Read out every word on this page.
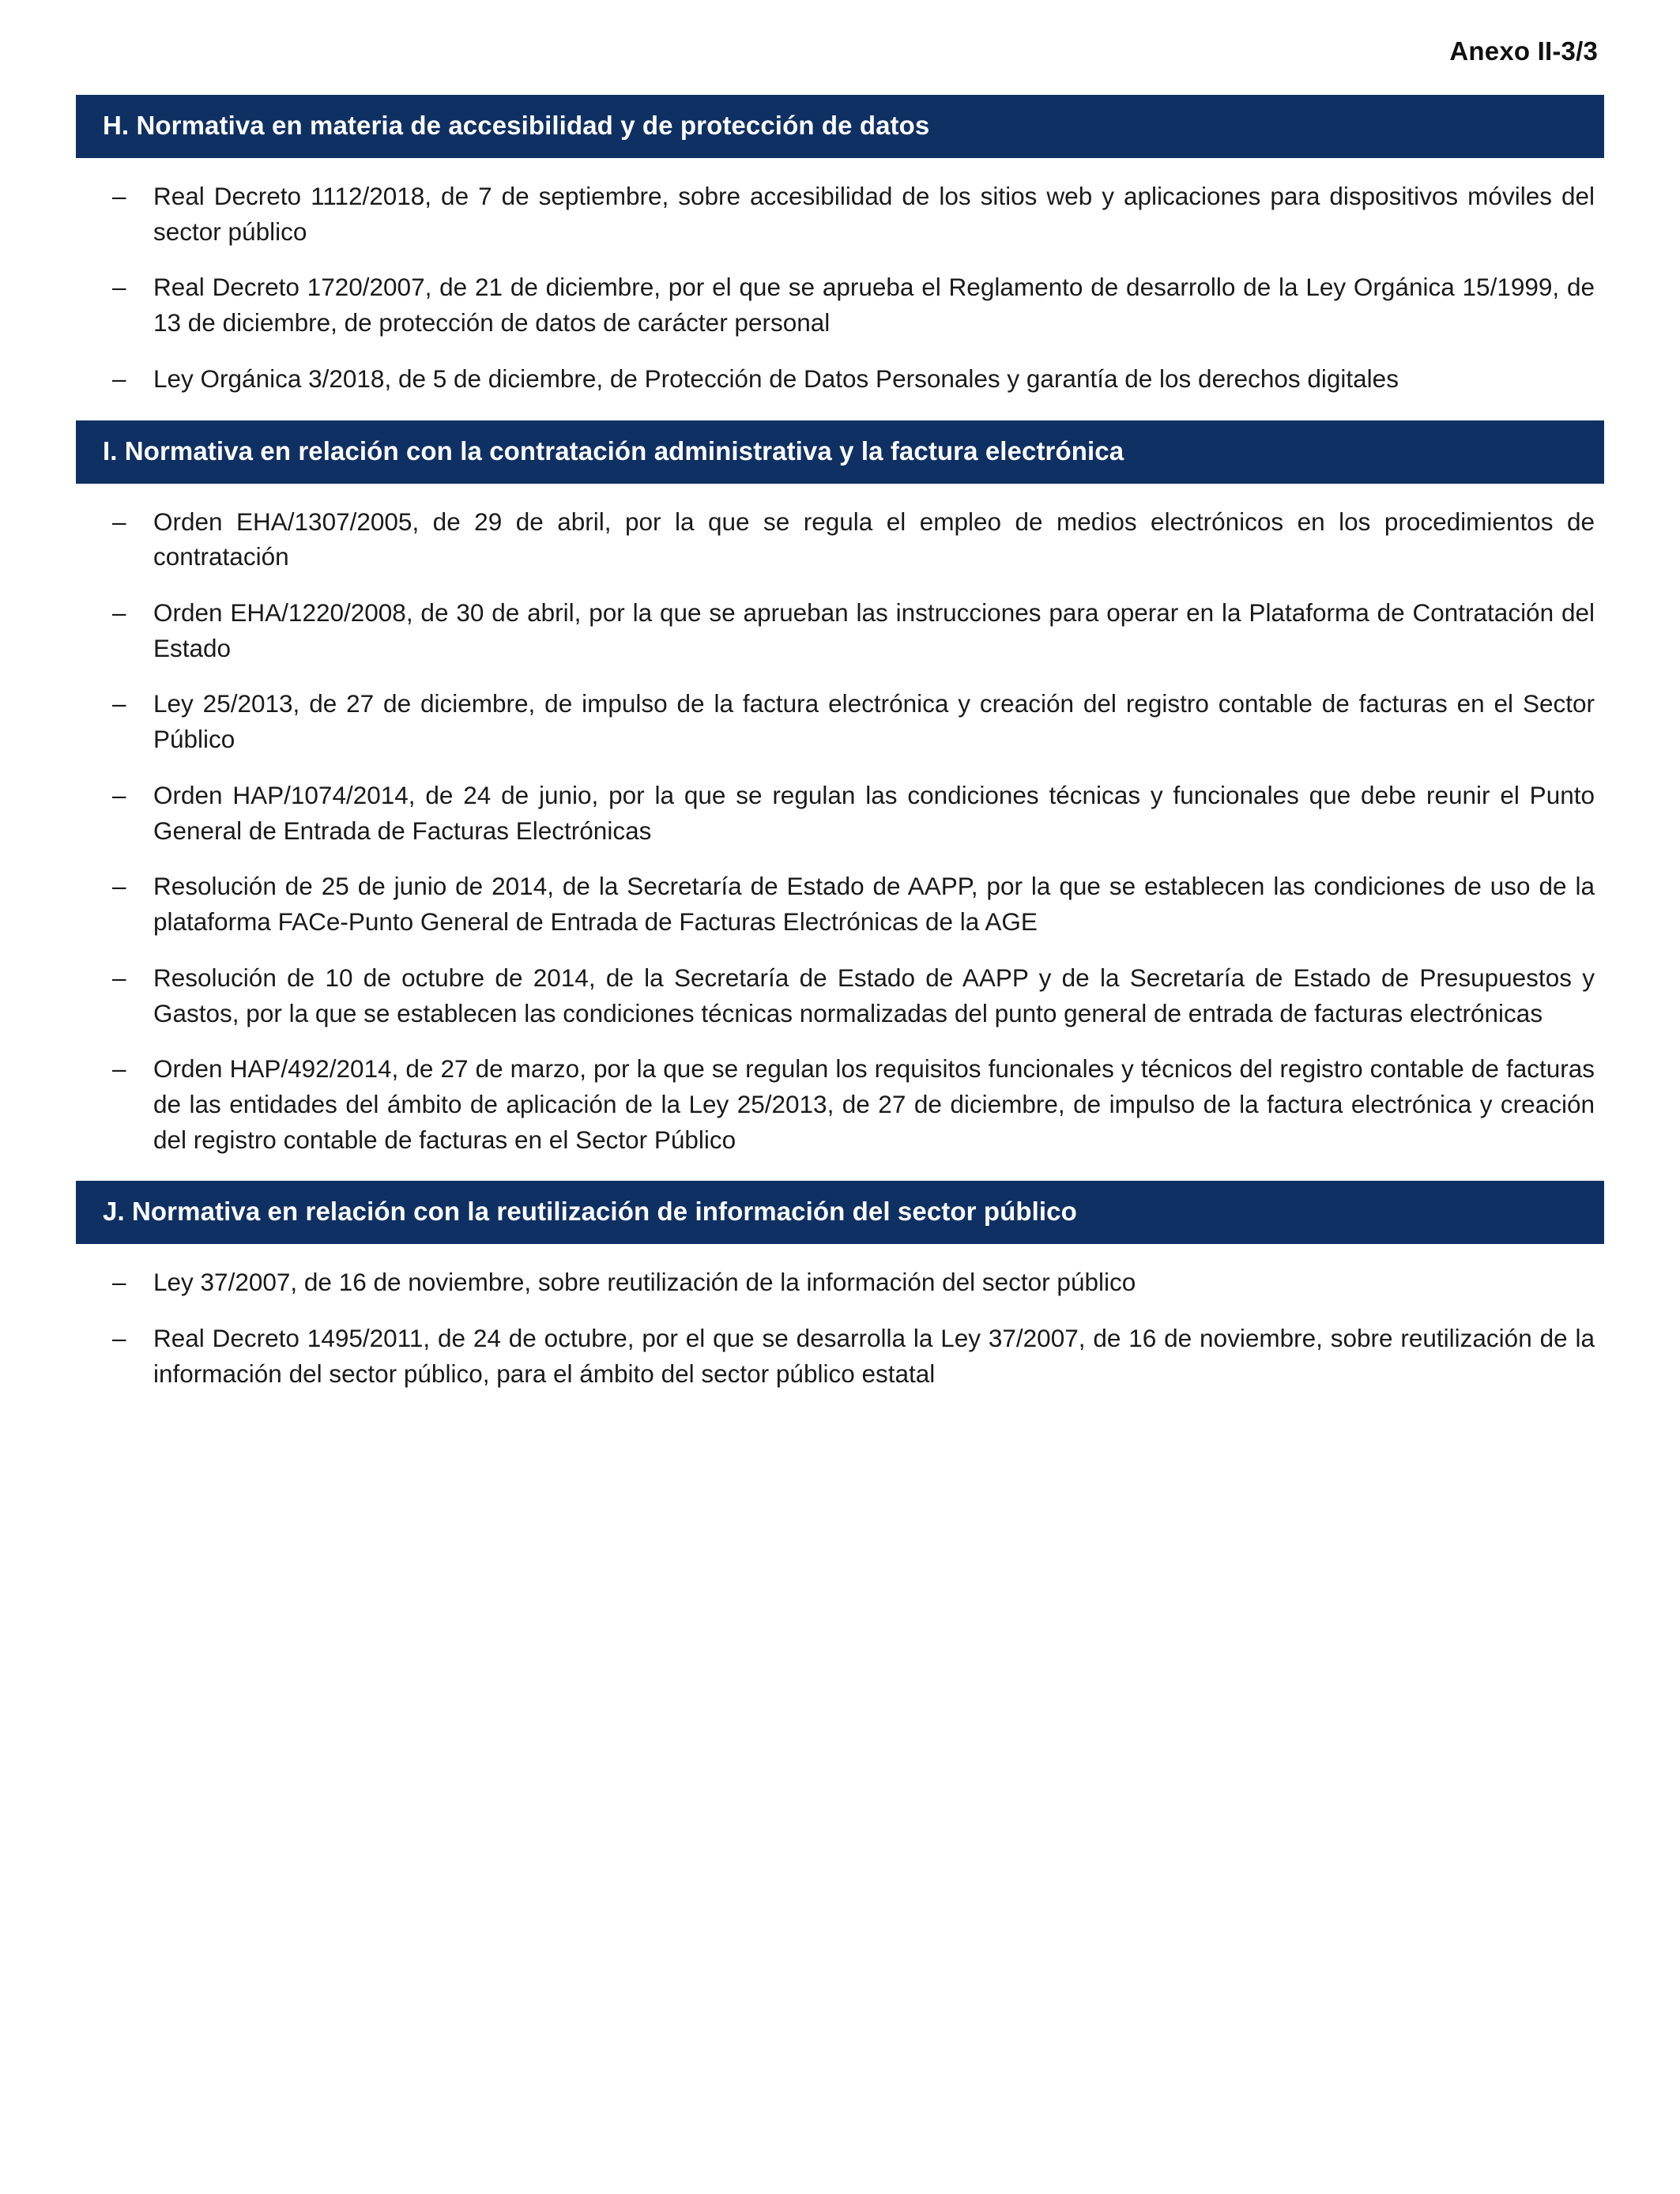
Anexo II-3/3
H. Normativa en materia de accesibilidad y de protección de datos
– Real Decreto 1112/2018, de 7 de septiembre, sobre accesibilidad de los sitios web y aplicaciones para dispositivos móviles del sector público
– Real Decreto 1720/2007, de 21 de diciembre, por el que se aprueba el Reglamento de desarrollo de la Ley Orgánica 15/1999, de 13 de diciembre, de protección de datos de carácter personal
– Ley Orgánica 3/2018, de 5 de diciembre, de Protección de Datos Personales y garantía de los derechos digitales
I. Normativa en relación con la contratación administrativa y la factura electrónica
– Orden EHA/1307/2005, de 29 de abril, por la que se regula el empleo de medios electrónicos en los procedimientos de contratación
– Orden EHA/1220/2008, de 30 de abril, por la que se aprueban las instrucciones para operar en la Plataforma de Contratación del Estado
– Ley 25/2013, de 27 de diciembre, de impulso de la factura electrónica y creación del registro contable de facturas en el Sector Público
– Orden HAP/1074/2014, de 24 de junio, por la que se regulan las condiciones técnicas y funcionales que debe reunir el Punto General de Entrada de Facturas Electrónicas
– Resolución de 25 de junio de 2014, de la Secretaría de Estado de AAPP, por la que se establecen las condiciones de uso de la plataforma FACe-Punto General de Entrada de Facturas Electrónicas de la AGE
– Resolución de 10 de octubre de 2014, de la Secretaría de Estado de AAPP y de la Secretaría de Estado de Presupuestos y Gastos, por la que se establecen las condiciones técnicas normalizadas del punto general de entrada de facturas electrónicas
– Orden HAP/492/2014, de 27 de marzo, por la que se regulan los requisitos funcionales y técnicos del registro contable de facturas de las entidades del ámbito de aplicación de la Ley 25/2013, de 27 de diciembre, de impulso de la factura electrónica y creación del registro contable de facturas en el Sector Público
J. Normativa en relación con la reutilización de información del sector público
– Ley 37/2007, de 16 de noviembre, sobre reutilización de la información del sector público
– Real Decreto 1495/2011, de 24 de octubre, por el que se desarrolla la Ley 37/2007, de 16 de noviembre, sobre reutilización de la información del sector público, para el ámbito del sector público estatal
